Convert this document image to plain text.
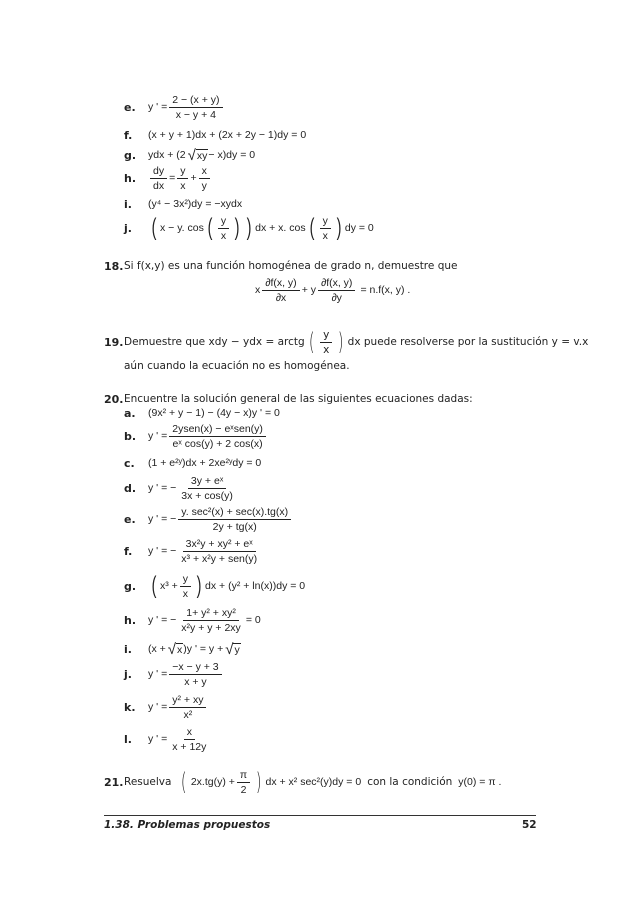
e. y ' = $\frac{2 - (x + y)}{x - y + 4}$
f. (x + y + 1)dx + (2x + 2y − 1)dy = 0
g. ydx + (2 √ xy − x)dy = 0
h. $\frac{dy}{dx} = \frac{y}{x} + \frac{x}{y}$
i. (y⁴ − 3x²)dy = −xydx
j. ( x − y. cos ( $\frac{y}{x}$ ) ) dx + x. cos ( $\frac{y}{x}$ ) dy = 0
18. Si f(x,y) es una función homogénea de grado n, demuestre que
x $\frac{\partial f(x, y)}{\partial x} + y \frac{\partial f(x, y)}{\partial y} = n.f(x$, y) .
19. Demuestre que xdy − ydx = arctg ( $\frac{y}{x}$ ) dx puede resolverse por la sustitución y = v.x
aún cuando la ecuación no es homogénea.
20. Encuentre la solución general de las siguientes ecuaciones dadas:
a. (9x² + y − 1) − (4y − x)y ' = 0
b. y ' = $\frac{\text{2ysen(x) − eˣsen(y)}}{\text{eˣ cos(y) + 2 cos(x)}}$
c. (1 + e²ʸ)dx + 2xe²ʸdy = 0
d. y ' = − $\frac{\text{3y + eˣ}}{3x + \cos(y)}$
e. y ' = − $\frac{\text{y. sec²(x) + sec(x).tg(x)}}{2y + tg(x)}$
f. y ' = − $\frac{\text{3x²y + xy² + eˣ}}{\text{x³ + x²y + sen(y)}}$
g. ( $x^3 + \frac{y}{x}$ ) dx + (y² + ln(x))dy = 0
h. y ' = − $\frac{\text{1+ y² + xy²}}{\text{x²y + y + 2xy}} = 0$
i. (x + √ x )y ' = y + √ y
j. y ' = $\frac{-x - y + 3}{x + y}$
k. y ' = $\frac{\text{y² + xy}}{\text{x²}}$
l. y ' = $\frac{x}{x + 12y}$
21. Resuelva ( $2x.tg(y) + \frac{\pi}{2}$ ) dx + x² sec²(y)dy = 0 con la condición y(0) = π .
1.38. Problemas propuestos	52
